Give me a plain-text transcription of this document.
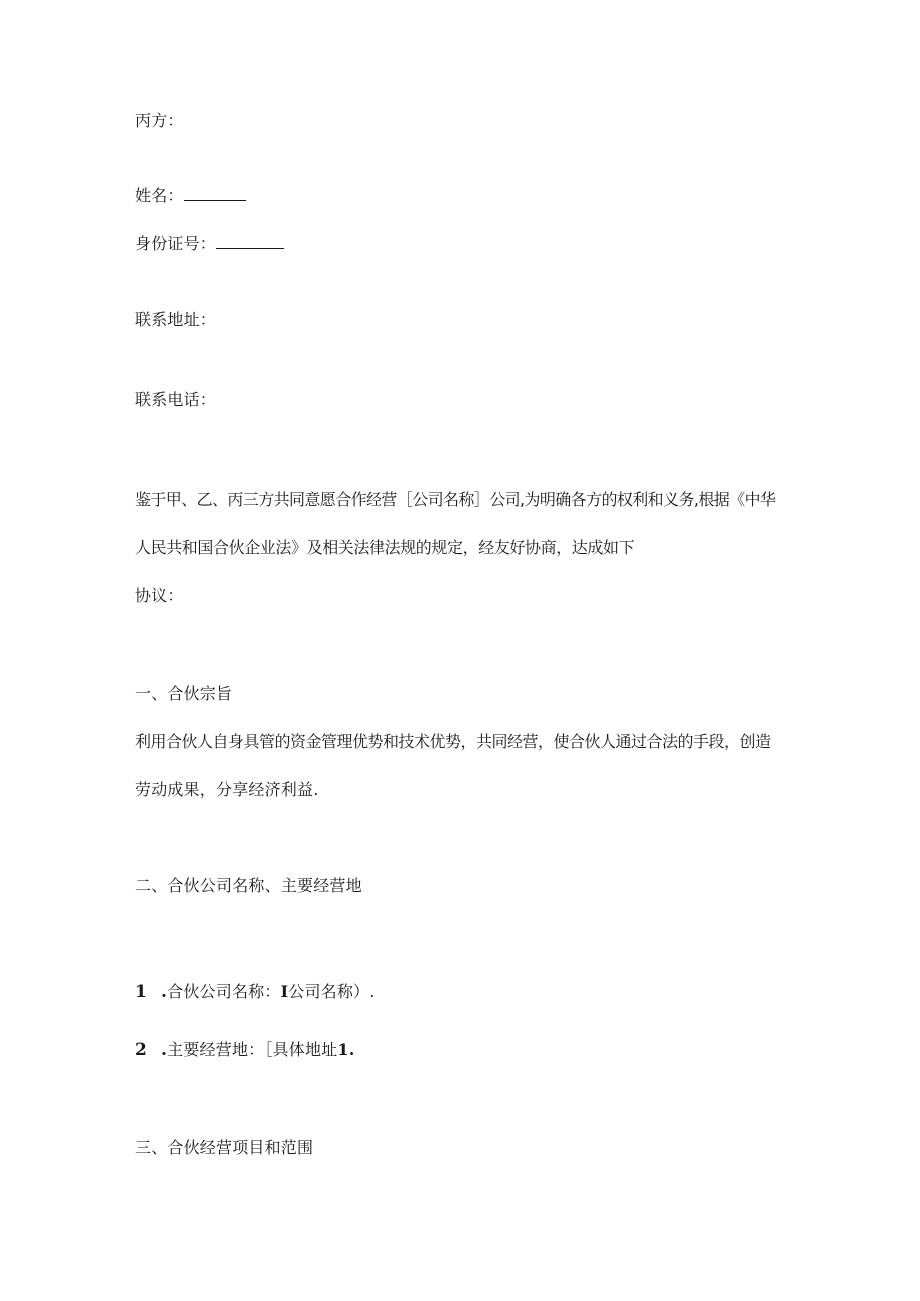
丙方：
姓名：
身份证号：
联系地址：
联系电话：
鉴于甲、乙、丙三方共同意愿合作经营［公司名称］公司,为明确各方的权利和义务,根据《中华
人民共和国合伙企业法》及相关法律法规的规定，经友好协商，达成如下
协议：
一、合伙宗旨
利用合伙人自身具管的资金管理优势和技术优势，共同经营，使合伙人通过合法的手段，创造
劳动成果，分享经济利益.
二、合伙公司名称、主要经营地
1 .合伙公司名称：I公司名称）.
2 .主要经营地：［具体地址1.
三、合伙经营项目和范围
